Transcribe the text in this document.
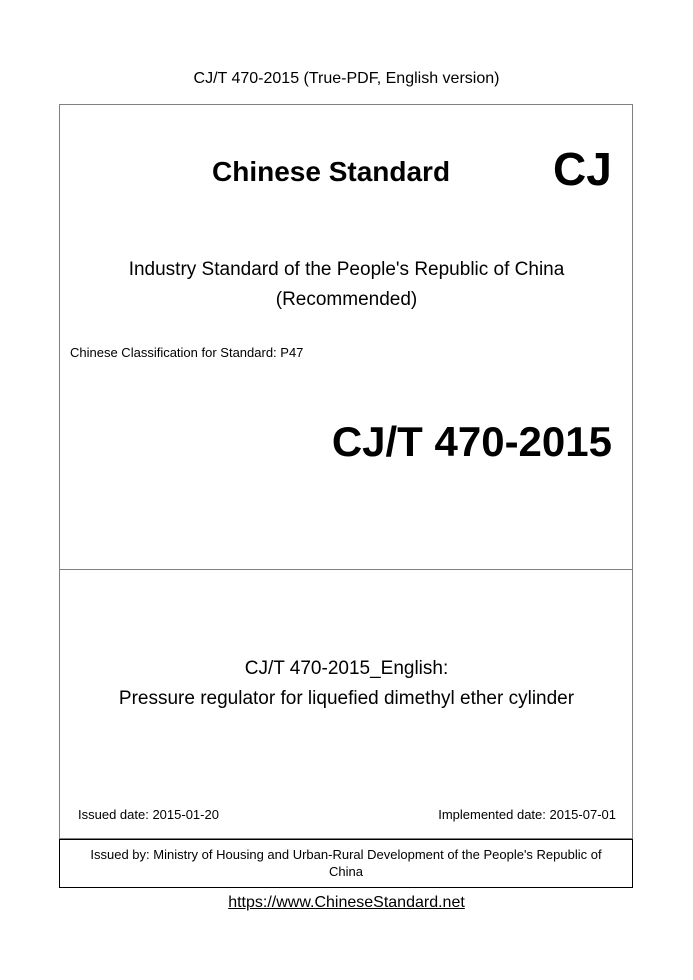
CJ/T 470-2015 (True-PDF, English version)
Chinese Standard CJ
Industry Standard of the People's Republic of China
(Recommended)
Chinese Classification for Standard: P47
CJ/T 470-2015
CJ/T 470-2015_English:
Pressure regulator for liquefied dimethyl ether cylinder
Issued date: 2015-01-20	Implemented date: 2015-07-01
Issued by: Ministry of Housing and Urban-Rural Development of the People's Republic of
China
https://www.ChineseStandard.net
